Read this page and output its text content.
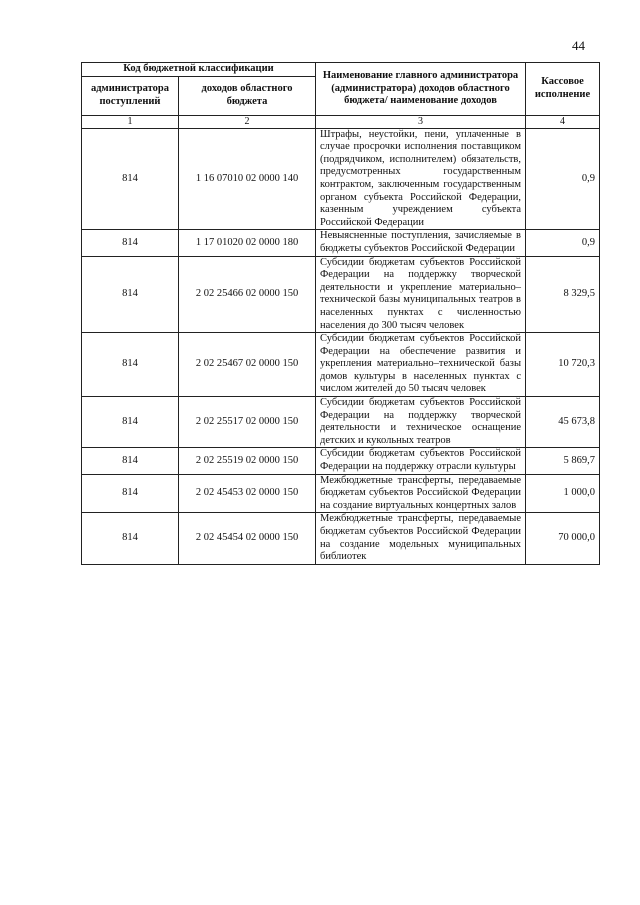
44
Код бюджетной классификации		Наименование главного администратора (администратора) доходов областного бюджета/ наименование доходов	Кассовое исполнение
администратора поступлений	доходов областного бюджета		
1	2	3	4
814	1 16 07010 02 0000 140	Штрафы, неустойки, пени, уплаченные в случае просрочки исполнения поставщиком (подрядчиком, исполнителем) обязательств, предусмотренных государственным контрактом, заключенным государственным органом субъекта Российской Федерации, казенным учреждением субъекта Российской Федерации	0,9
814	1 17 01020 02 0000 180	Невыясненные поступления, зачисляемые в бюджеты субъектов Российской Федерации	0,9
814	2 02 25466 02 0000 150	Субсидии бюджетам субъектов Российской Федерации на поддержку творческой деятельности и укрепление материально–технической базы муниципальных театров в населенных пунктах с численностью населения до 300 тысяч человек	8 329,5
814	2 02 25467 02 0000 150	Субсидии бюджетам субъектов Российской Федерации на обеспечение развития и укрепления материально–технической базы домов культуры в населенных пунктах с числом жителей до 50 тысяч человек	10 720,3
814	2 02 25517 02 0000 150	Субсидии бюджетам субъектов Российской Федерации на поддержку творческой деятельности и техническое оснащение детских и кукольных театров	45 673,8
814	2 02 25519 02 0000 150	Субсидии бюджетам субъектов Российской Федерации на поддержку отрасли культуры	5 869,7
814	2 02 45453 02 0000 150	Межбюджетные трансферты, передаваемые бюджетам субъектов Российской Федерации на создание виртуальных концертных залов	1 000,0
814	2 02 45454 02 0000 150	Межбюджетные трансферты, передаваемые бюджетам субъектов Российской Федерации на создание модельных муниципальных библиотек	70 000,0
